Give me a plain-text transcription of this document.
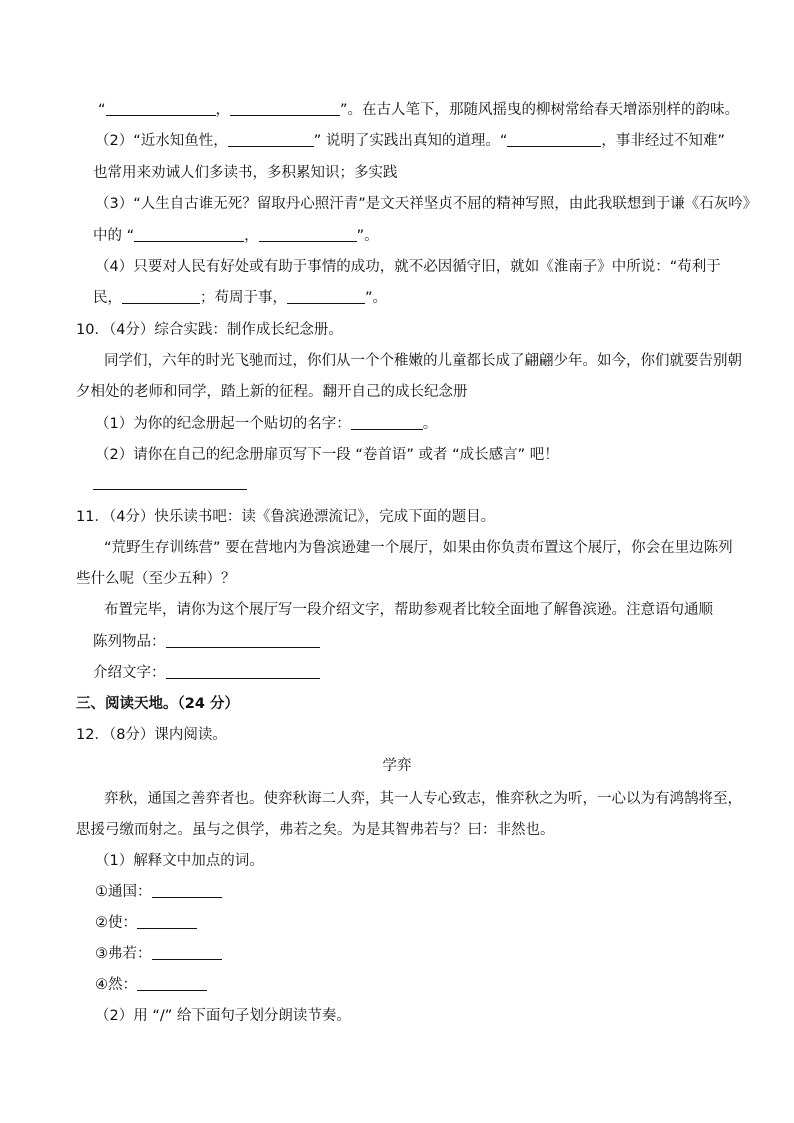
“	，	”。在古人笔下，那随风摇曳的柳树常给春天增添别样的韵味。
（2）“近水知鱼性，	” 说明了实践出真知的道理。“	，事非经过不知难”
也常用来劝诫人们多读书，多积累知识；多实践
（3）“人生自古谁无死？留取丹心照汗青”是文天祥坚贞不屈的精神写照，由此我联想到于谦《石灰吟》
中的 “	，	”。
（4）只要对人民有好处或有助于事情的成功，就不必因循守旧，就如《淮南子》中所说：“苟利于
民，	；苟周于事，	”。
10．（4分）综合实践：制作成长纪念册。
同学们，六年的时光飞驰而过，你们从一个个稚嫩的儿童都长成了翩翩少年。如今，你们就要告别朝
夕相处的老师和同学，踏上新的征程。翻开自己的成长纪念册
（1）为你的纪念册起一个贴切的名字：	。
（2）请你在自己的纪念册扉页写下一段 “卷首语” 或者 “成长感言” 吧！
11．（4分）快乐读书吧：读《鲁滨逊漂流记》，完成下面的题目。
“荒野生存训练营” 要在营地内为鲁滨逊建一个展厅，如果由你负责布置这个展厅，你会在里边陈列
些什么呢（至少五种）？
布置完毕，请你为这个展厅写一段介绍文字，帮助参观者比较全面地了解鲁滨逊。注意语句通顺
陈列物品：
介绍文字：
三、阅读天地。（24 分）
12．（8分）课内阅读。
学弈
弈秋，通国之善弈者也。使弈秋诲二人弈，其一人专心致志，惟弈秋之为听，一心以为有鸿鹄将至，
思援弓缴而射之。虽与之俱学，弗若之矣。为是其智弗若与？曰：非然也。
（1）解释文中加点的词。
①通国：
②使：
③弗若：
④然：
（2）用 “/” 给下面句子划分朗读节奏。
